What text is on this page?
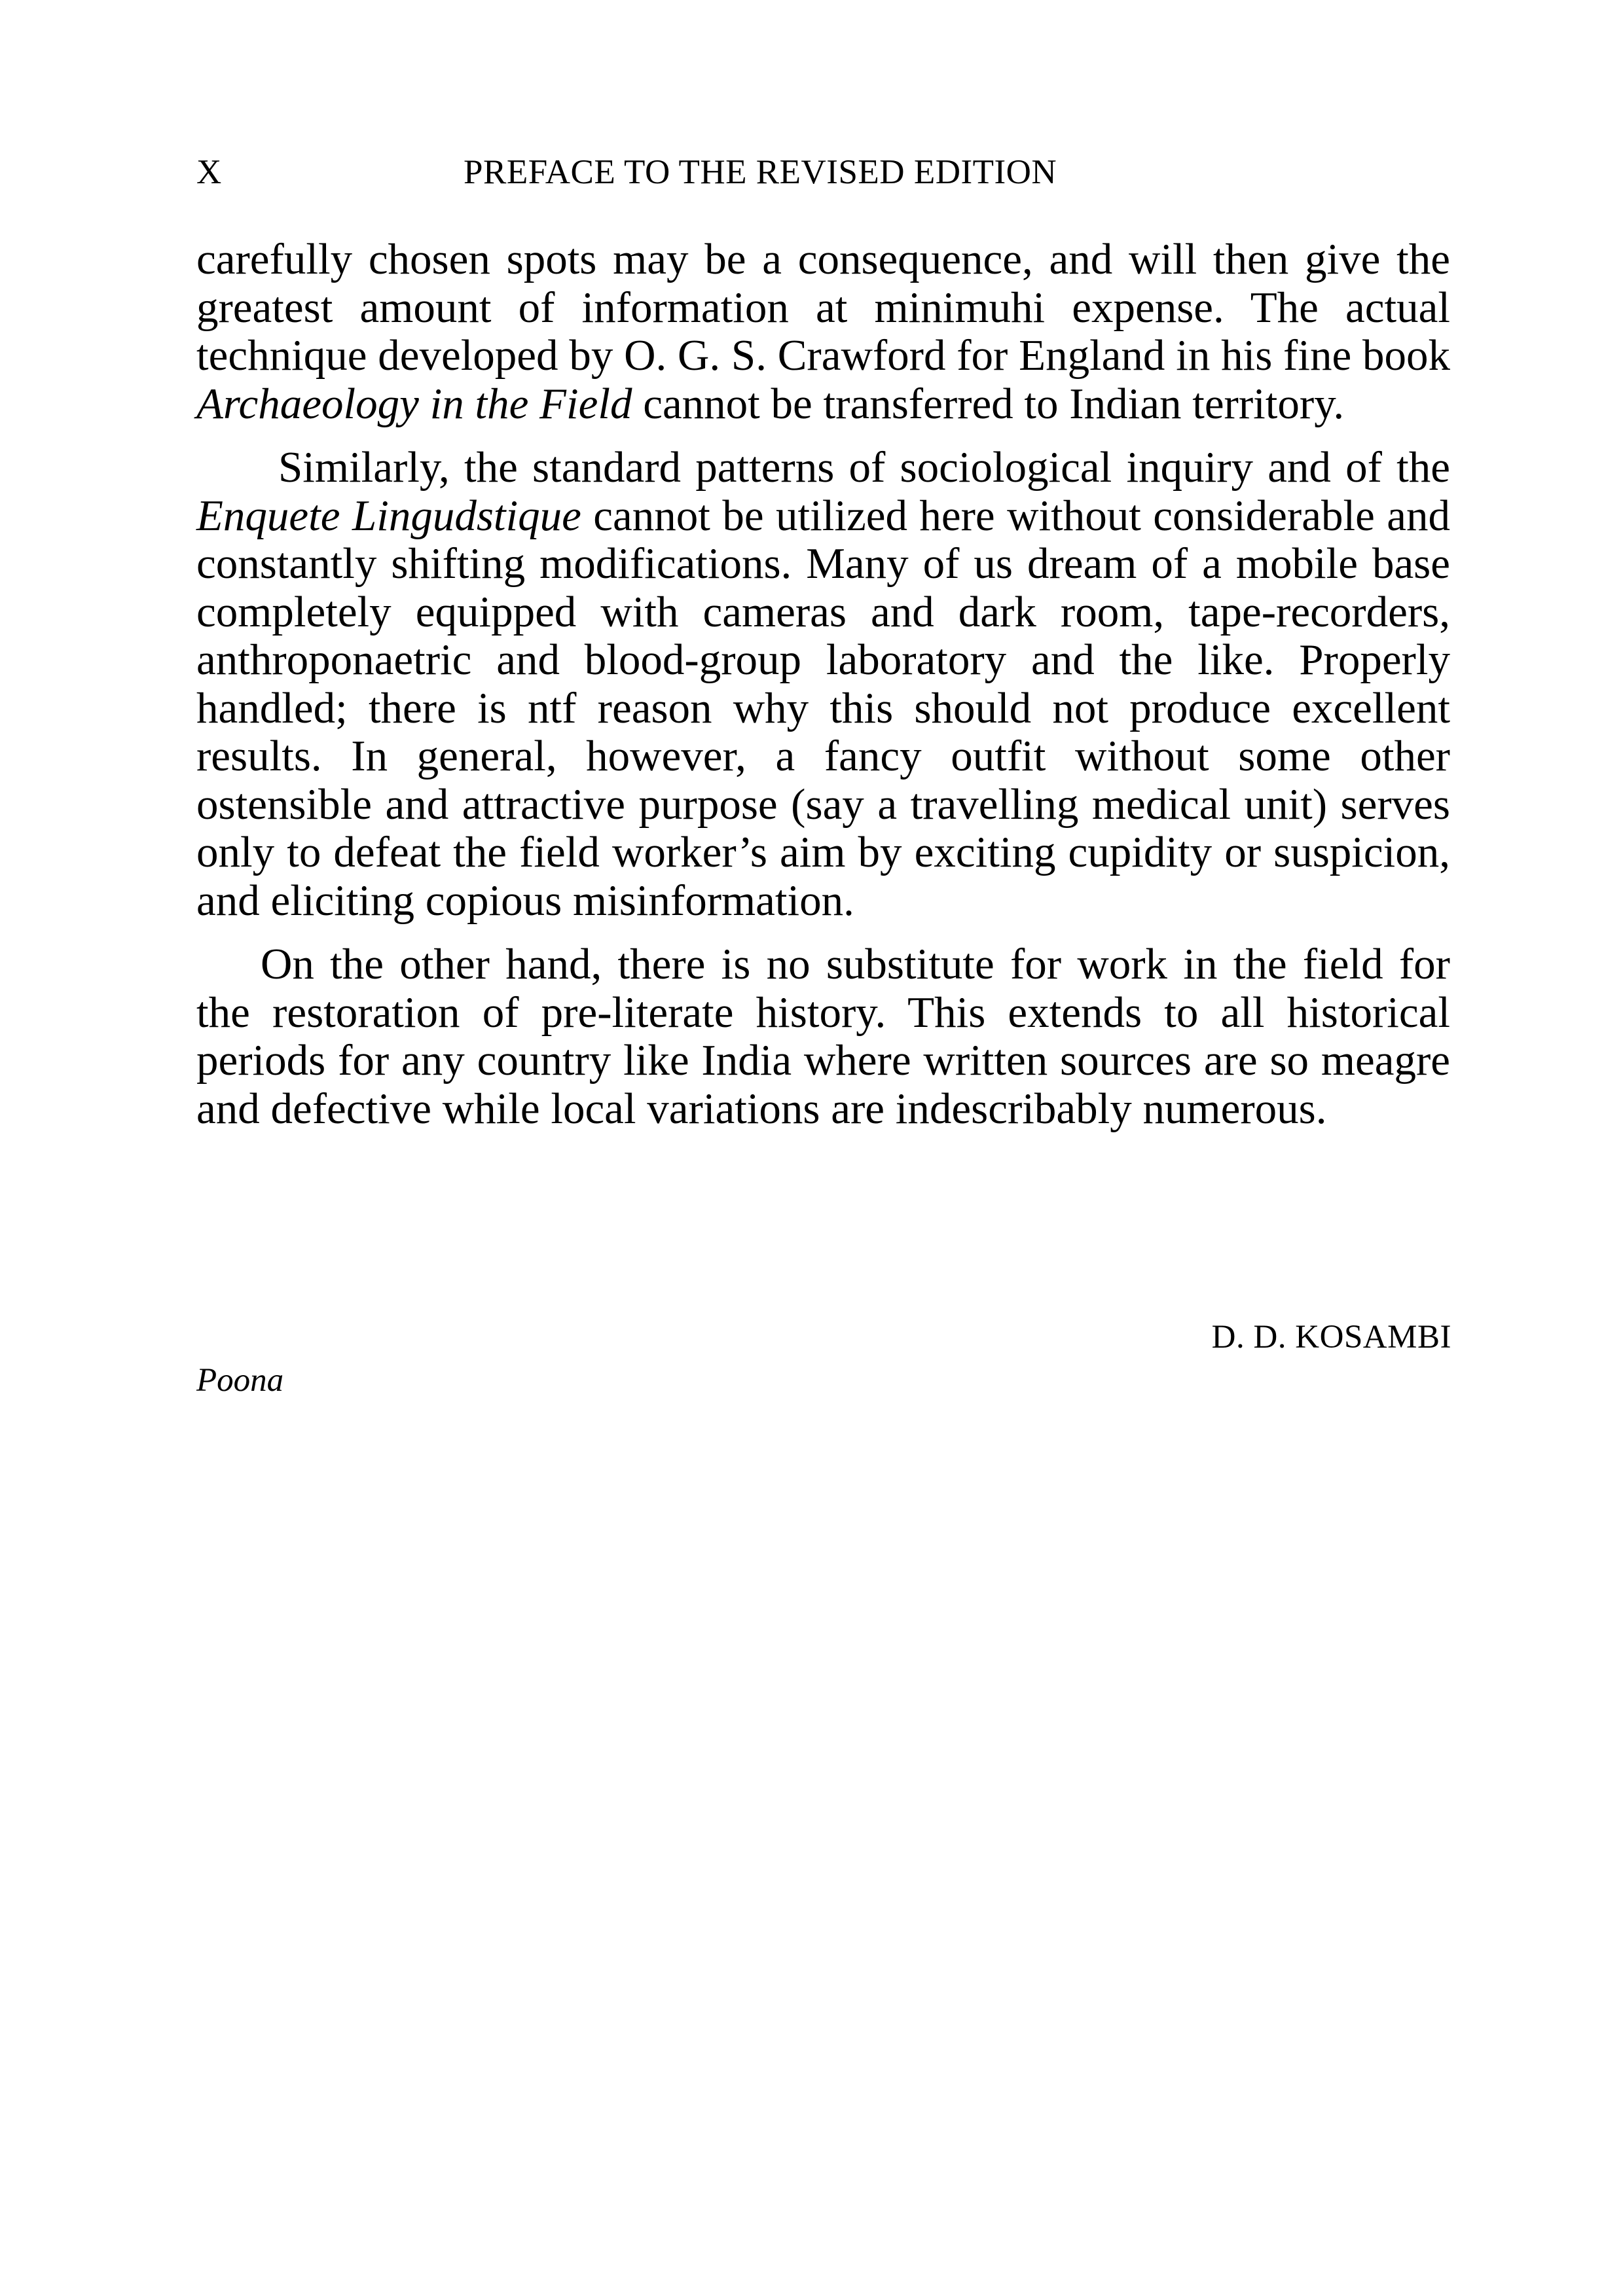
X	PREFACE TO THE REVISED EDITION

carefully chosen spots may be a consequence, and will then give the greatest amount of information at minimuhi expense. The actual technique developed by O. G. S. Crawford for England in his fine book Archaeology in the Field cannot be transferred to Indian territory.

Similarly, the standard patterns of sociological inquiry and of the Enquete Lingudstique cannot be utilized here without considerable and constantly shifting modifications. Many of us dream of a mobile base completely equipped with cameras and dark room, tape-recorders, anthroponaetric and blood-group laboratory and the like. Properly handled; there is ntf reason why this should not produce excellent results. In general, however, a fancy outfit without some other ostensible and attractive purpose (say a travelling medical unit) serves only to defeat the field worker’s aim by exciting cupidity or suspicion, and eliciting copious misinformation.

On the other hand, there is no substitute for work in the field for the restoration of pre-literate history. This extends to all historical periods for any country like India where written sources are so meagre and defective while local variations are indescribably numerous.

D. D. KOSAMBI
Poona
